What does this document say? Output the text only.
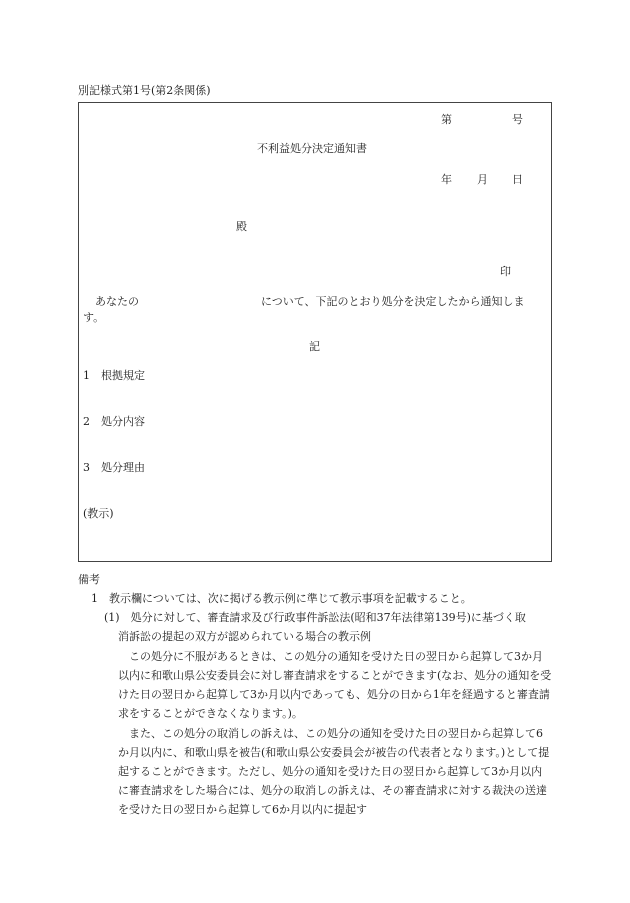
別記様式第1号(第2条関係)
第	号
不利益処分決定通知書
年 月 日
殿
印
あなたの	について、下記のとおり処分を決定したから通知しま
す。
記
1　根拠規定
2　処分内容
3　処分理由
(教示)
備考
1　教示欄については、次に掲げる教示例に準じて教示事項を記載すること。
(1)　処分に対して、審査請求及び行政事件訴訟法(昭和37年法律第139号)に基づく取
消訴訟の提起の双方が認められている場合の教示例
　この処分に不服があるときは、この処分の通知を受けた日の翌日から起算して3か月以内に和歌山県公安委員会に対し審査請求をすることができます(なお、処分の通知を受けた日の翌日から起算して3か月以内であっても、処分の日から1年を経過すると審査請求をすることができなくなります。)。
　また、この処分の取消しの訴えは、この処分の通知を受けた日の翌日から起算して6か月以内に、和歌山県を被告(和歌山県公安委員会が被告の代表者となります。)として提起することができます。ただし、処分の通知を受けた日の翌日から起算して3か月以内に審査請求をした場合には、処分の取消しの訴えは、その審査請求に対する裁決の送達を受けた日の翌日から起算して6か月以内に提起す
